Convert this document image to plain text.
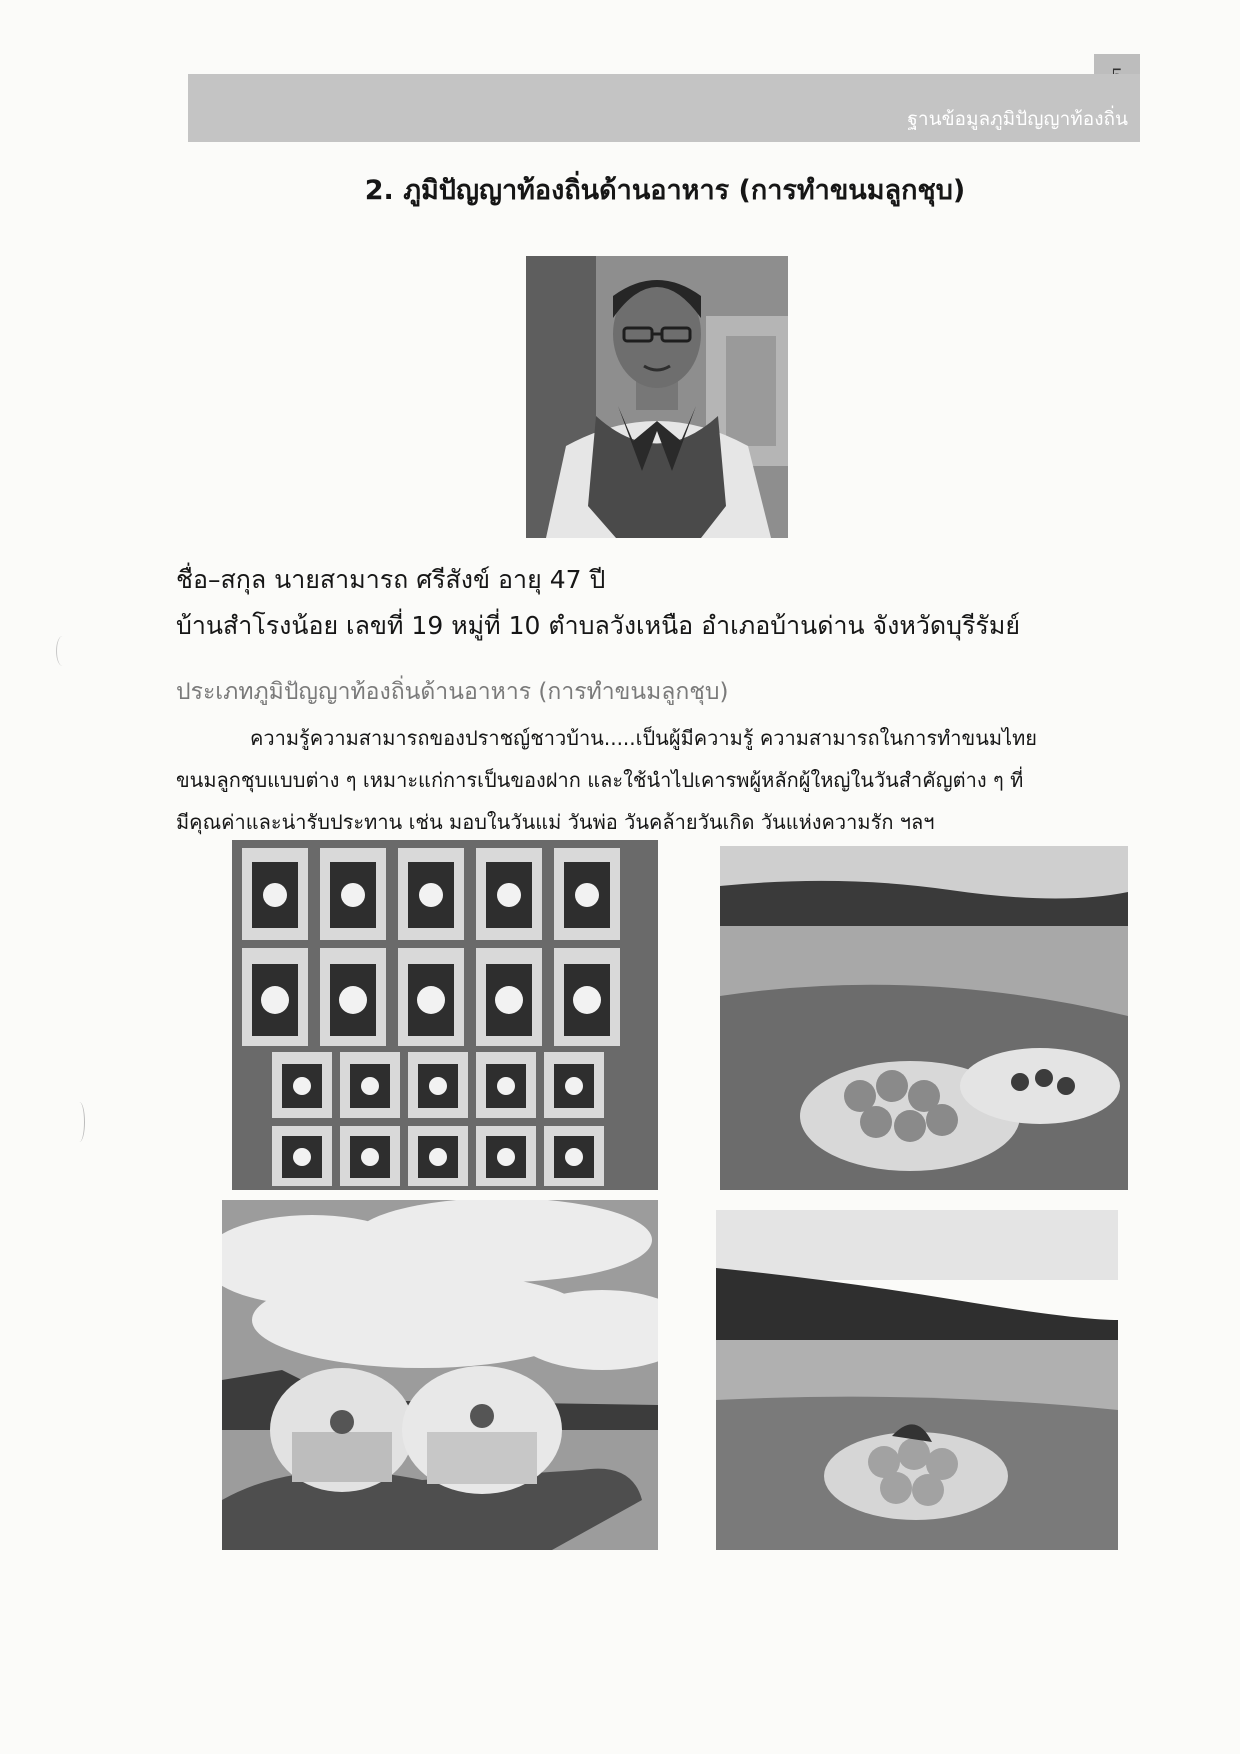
ฐานข้อมูลภูมิปัญญาท้องถิ่น
2. ภูมิปัญญาท้องถิ่นด้านอาหาร (การทำขนมลูกชุบ)
ชื่อ–สกุล นายสามารถ ศรีสังข์ อายุ 47 ปี
บ้านสำโรงน้อย เลขที่ 19 หมู่ที่ 10 ตำบลวังเหนือ อำเภอบ้านด่าน จังหวัดบุรีรัมย์
ประเภทภูมิปัญญาท้องถิ่นด้านอาหาร (การทำขนมลูกชุบ)
ความรู้ความสามารถของปราชญ์ชาวบ้าน.....เป็นผู้มีความรู้ ความสามารถในการทำขนมไทย
ขนมลูกชุบแบบต่าง ๆ เหมาะแก่การเป็นของฝาก และใช้นำไปเคารพผู้หลักผู้ใหญ่ในวันสำคัญต่าง ๆ ที่
มีคุณค่าและน่ารับประทาน เช่น มอบในวันแม่ วันพ่อ วันคล้ายวันเกิด วันแห่งความรัก ฯลฯ
